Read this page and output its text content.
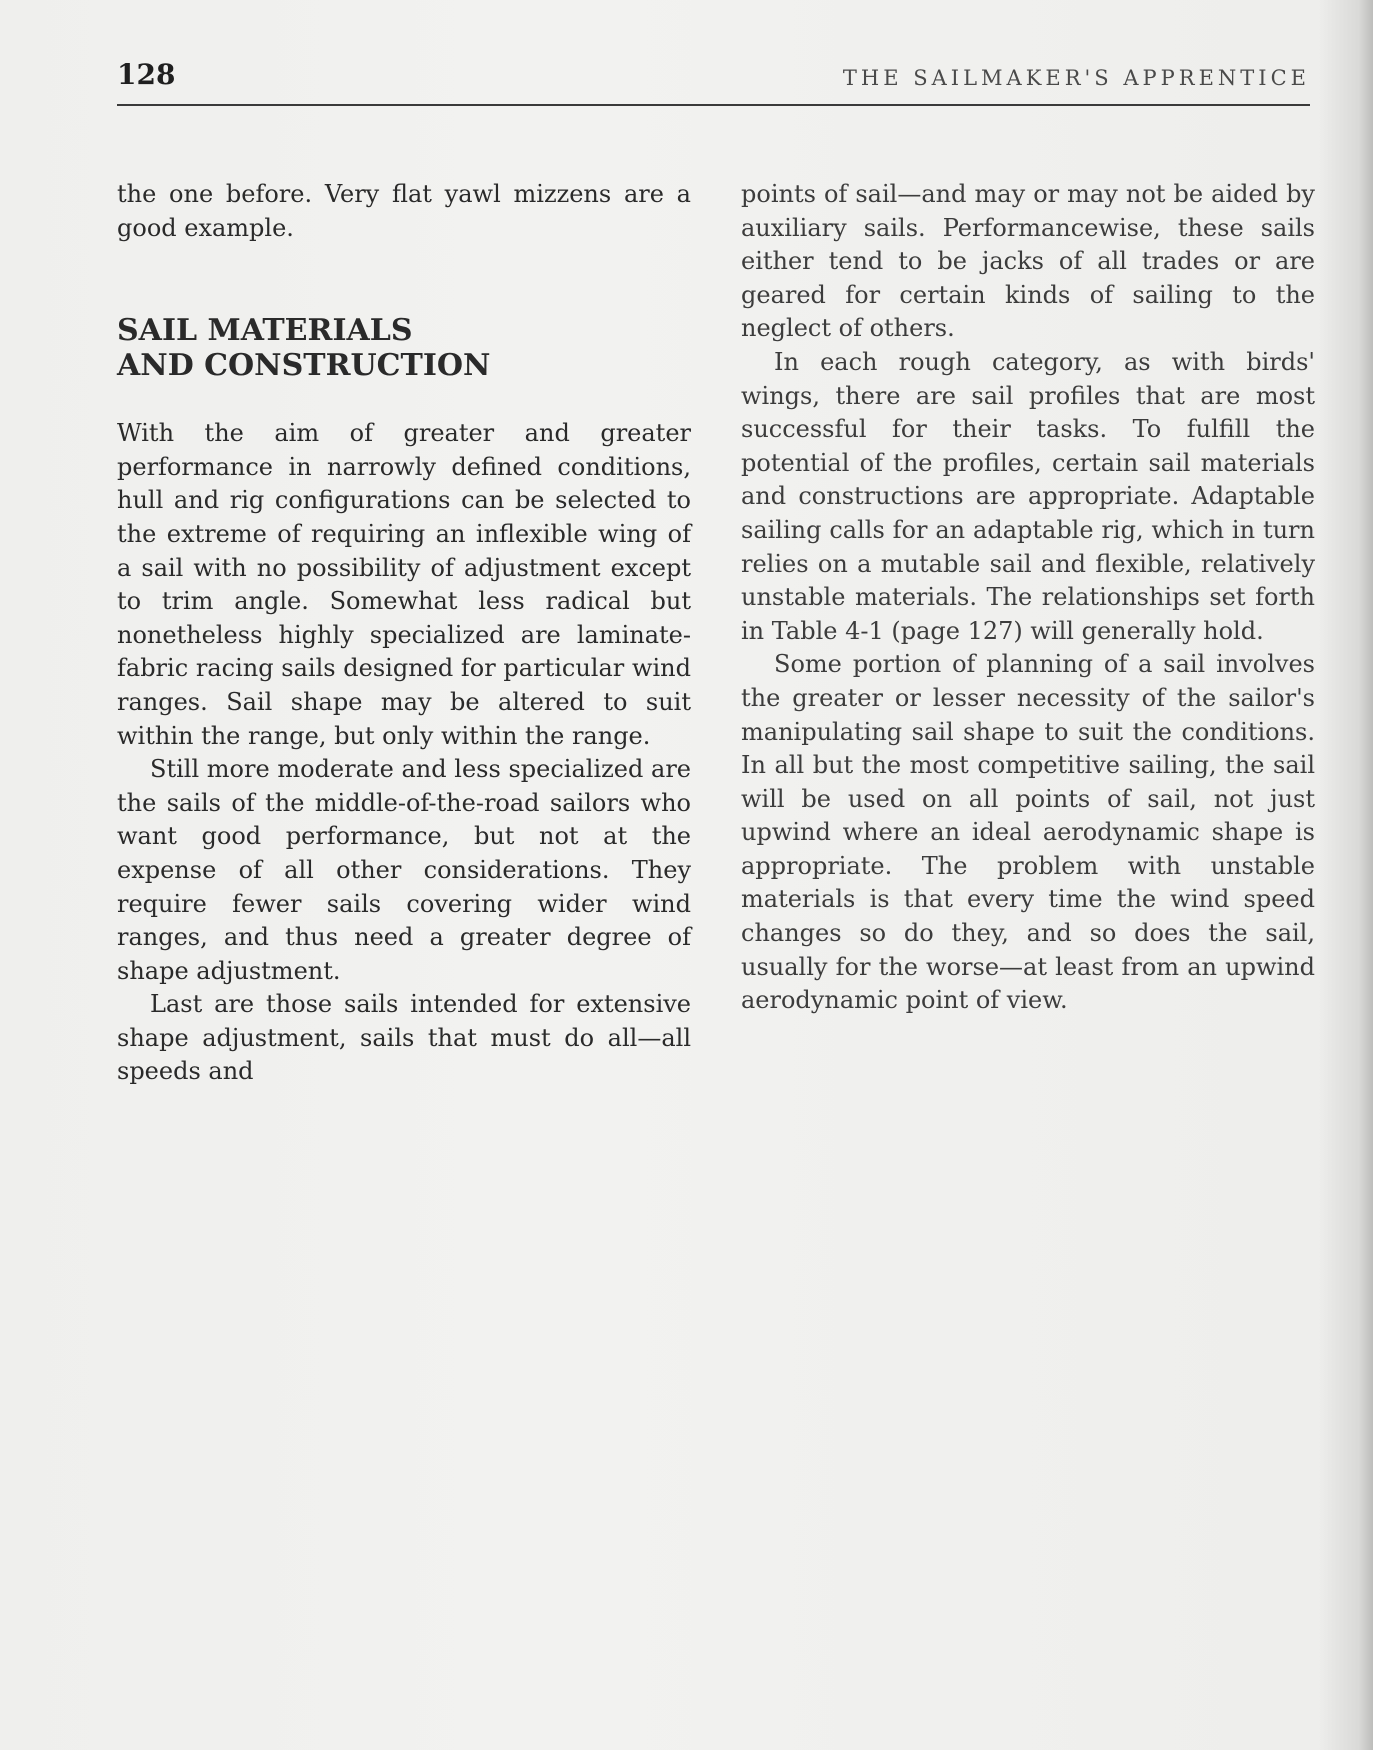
128	THE SAILMAKER'S APPRENTICE

the one before. Very flat yawl mizzens are a good example.

SAIL MATERIALS
AND CONSTRUCTION

With the aim of greater and greater performance in narrowly defined conditions, hull and rig configurations can be selected to the extreme of requiring an inflexible wing of a sail with no possibility of adjustment except to trim angle. Somewhat less radical but nonetheless highly specialized are laminate-fabric racing sails designed for particular wind ranges. Sail shape may be altered to suit within the range, but only within the range.

Still more moderate and less specialized are the sails of the middle-of-the-road sailors who want good performance, but not at the expense of all other considerations. They require fewer sails covering wider wind ranges, and thus need a greater degree of shape adjustment.

Last are those sails intended for extensive shape adjustment, sails that must do all—all speeds and

points of sail—and may or may not be aided by auxiliary sails. Performancewise, these sails either tend to be jacks of all trades or are geared for certain kinds of sailing to the neglect of others.

In each rough category, as with birds' wings, there are sail profiles that are most successful for their tasks. To fulfill the potential of the profiles, certain sail materials and constructions are appropriate. Adaptable sailing calls for an adaptable rig, which in turn relies on a mutable sail and flexible, relatively unstable materials. The relationships set forth in Table 4-1 (page 127) will generally hold.

Some portion of planning of a sail involves the greater or lesser necessity of the sailor's manipulating sail shape to suit the conditions. In all but the most competitive sailing, the sail will be used on all points of sail, not just upwind where an ideal aerodynamic shape is appropriate. The problem with unstable materials is that every time the wind speed changes so do they, and so does the sail, usually for the worse—at least from an upwind aerodynamic point of view.
